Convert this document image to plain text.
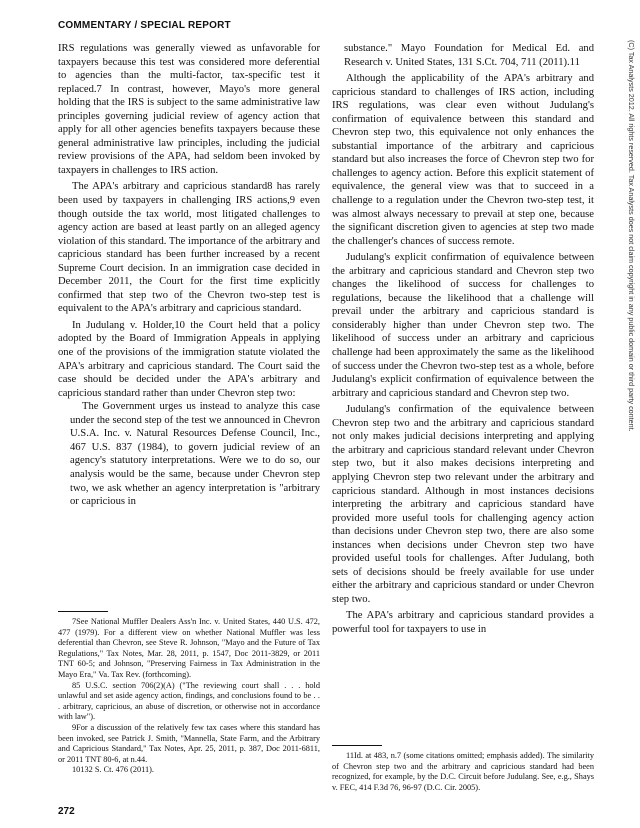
COMMENTARY / SPECIAL REPORT
(C) Tax Analysts 2012. All rights reserved. Tax Analysts does not claim copyright in any public domain or third party content.

IRS regulations was generally viewed as unfavorable for taxpayers because this test was considered more deferential to agencies than the multi-factor, tax-specific test it replaced.7 In contrast, however, Mayo's more general holding that the IRS is subject to the same administrative law principles governing judicial review of agency action that apply for all other agencies benefits taxpayers because these general administrative law principles, including the judicial review provisions of the APA, had seldom been invoked by taxpayers in challenges to IRS action.

The APA's arbitrary and capricious standard8 has rarely been used by taxpayers in challenging IRS actions,9 even though outside the tax world, most litigated challenges to agency action are based at least partly on an alleged agency violation of this standard. The importance of the arbitrary and capricious standard has been further increased by a recent Supreme Court decision. In an immigration case decided in December 2011, the Court for the first time explicitly confirmed that step two of the Chevron two-step test is equivalent to the APA's arbitrary and capricious standard.

In Judulang v. Holder,10 the Court held that a policy adopted by the Board of Immigration Appeals in applying one of the provisions of the immigration statute violated the APA's arbitrary and capricious standard. The Court said the case should be decided under the APA's arbitrary and capricious standard rather than under Chevron step two:

The Government urges us instead to analyze this case under the second step of the test we announced in Chevron U.S.A. Inc. v. Natural Resources Defense Council, Inc., 467 U.S. 837 (1984), to govern judicial review of an agency's statutory interpretations. Were we to do so, our analysis would be the same, because under Chevron step two, we ask whether an agency interpretation is "arbitrary or capricious in

7See National Muffler Dealers Ass'n Inc. v. United States, 440 U.S. 472, 477 (1979). For a different view on whether National Muffler was less deferential than Chevron, see Steve R. Johnson, "Mayo and the Future of Tax Regulations," Tax Notes, Mar. 28, 2011, p. 1547, Doc 2011-3829, or 2011 TNT 60-5; and Johnson, "Preserving Fairness in Tax Administration in the Mayo Era," Va. Tax Rev. (forthcoming).

85 U.S.C. section 706(2)(A) ("The reviewing court shall . . . hold unlawful and set aside agency action, findings, and conclusions found to be . . . arbitrary, capricious, an abuse of discretion, or otherwise not in accordance with law").

9For a discussion of the relatively few tax cases where this standard has been invoked, see Patrick J. Smith, "Mannella, State Farm, and the Arbitrary and Capricious Standard," Tax Notes, Apr. 25, 2011, p. 387, Doc 2011-6811, or 2011 TNT 80-6, at n.44.

10132 S. Ct. 476 (2011).

substance." Mayo Foundation for Medical Ed. and Research v. United States, 131 S.Ct. 704, 711 (2011).11

Although the applicability of the APA's arbitrary and capricious standard to challenges of IRS action, including IRS regulations, was clear even without Judulang's confirmation of equivalence between this standard and Chevron step two, this equivalence not only enhances the substantial importance of the arbitrary and capricious standard but also increases the force of Chevron step two for challenges to agency action. Before this explicit statement of equivalence, the general view was that to succeed in a challenge to a regulation under the Chevron two-step test, it was almost always necessary to prevail at step one, because the significant discretion given to agencies at step two made the challenger's chances of success remote.

Judulang's explicit confirmation of equivalence between the arbitrary and capricious standard and Chevron step two changes the likelihood of success for challenges to regulations, because the likelihood that a challenge will prevail under the arbitrary and capricious standard is considerably higher than under Chevron step two. The likelihood of success under an arbitrary and capricious challenge had been approximately the same as the likelihood of success under the Chevron two-step test as a whole, before Judulang's explicit confirmation of equivalence between the arbitrary and capricious standard and Chevron step two.

Judulang's confirmation of the equivalence between Chevron step two and the arbitrary and capricious standard not only makes judicial decisions interpreting and applying the arbitrary and capricious standard relevant under Chevron step two, but it also makes decisions interpreting and applying Chevron step two relevant under the arbitrary and capricious standard. Although in most instances decisions interpreting the arbitrary and capricious standard have provided more useful tools for challenging agency action than decisions under Chevron step two, there are also some instances when decisions under Chevron step two have provided useful tools for challenges. After Judulang, both sets of decisions should be freely available for use under either the arbitrary and capricious standard or under Chevron step two.

The APA's arbitrary and capricious standard provides a powerful tool for taxpayers to use in

11Id. at 483, n.7 (some citations omitted; emphasis added). The similarity of Chevron step two and the arbitrary and capricious standard had been recognized, for example, by the D.C. Circuit before Judulang. See, e.g., Shays v. FEC, 414 F.3d 76, 96-97 (D.C. Cir. 2005).

272
